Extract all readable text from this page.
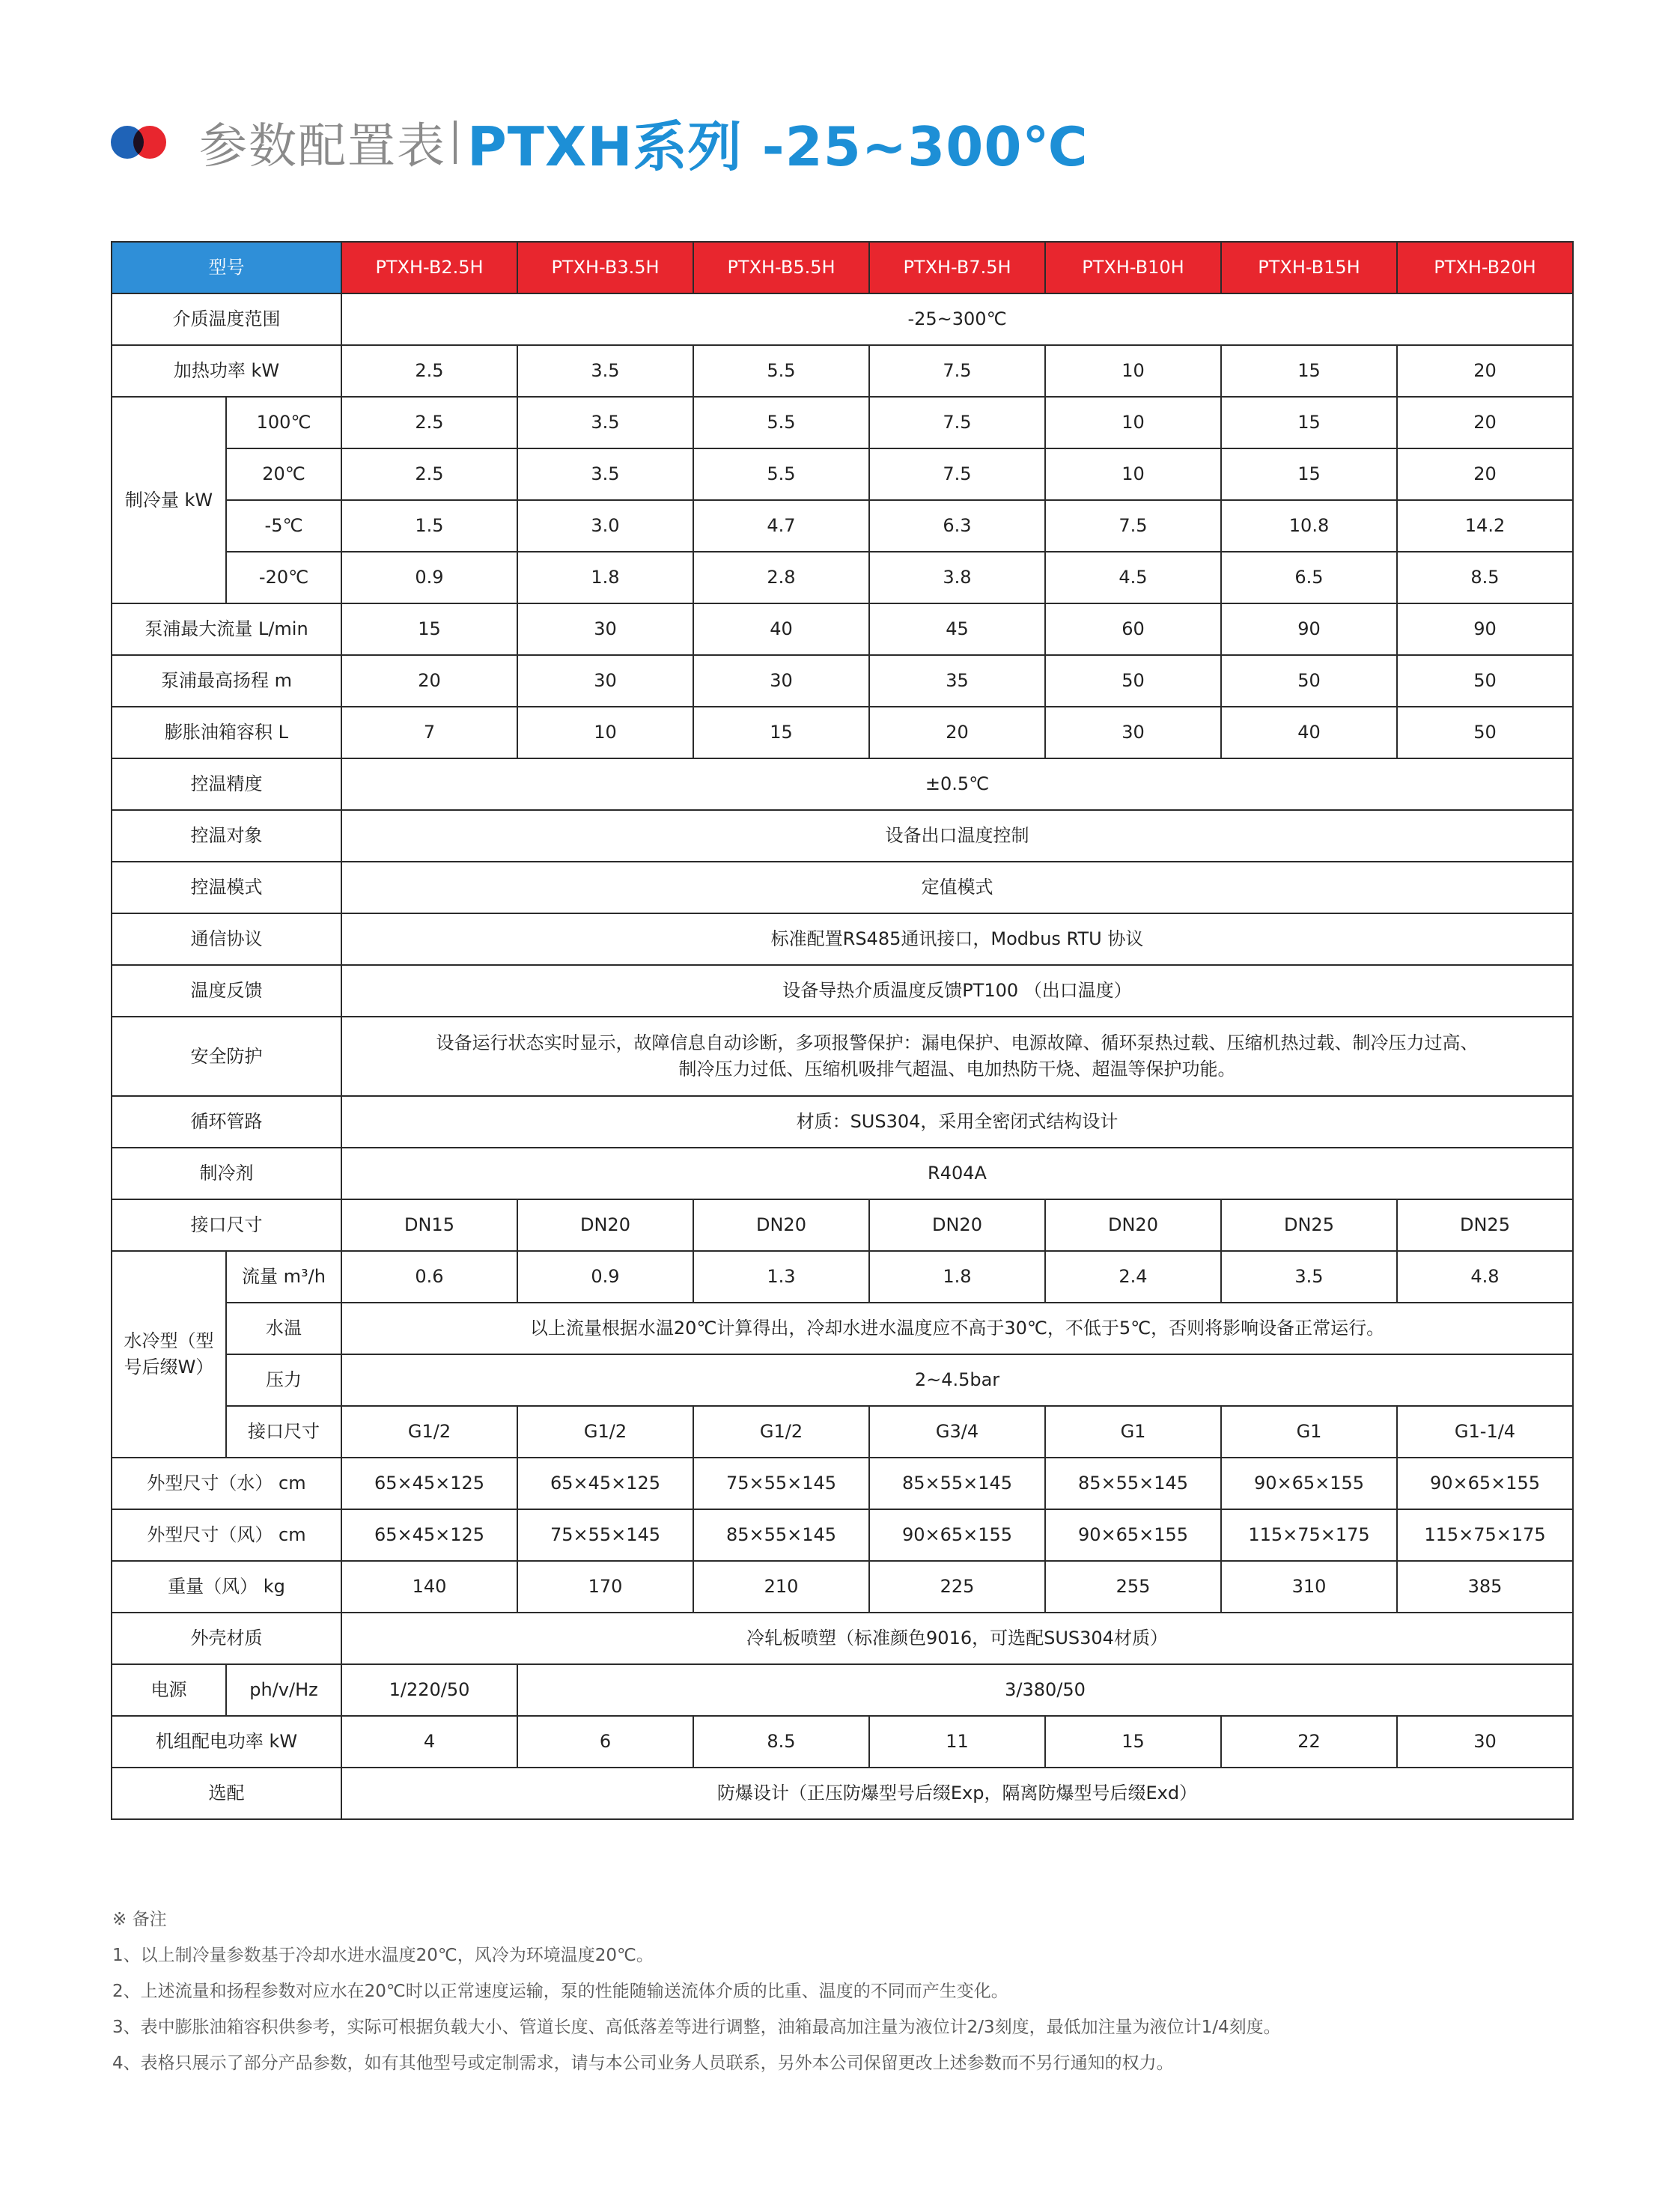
参数配置表 PTXH系列 -25~300℃
型号		PTXH-B2.5H	PTXH-B3.5H	PTXH-B5.5H	PTXH-B7.5H	PTXH-B10H	PTXH-B15H	PTXH-B20H
介质温度范围		-25~300℃						
加热功率 kW		2.5	3.5	5.5	7.5	10	15	20
制冷量 kW	100℃	2.5	3.5	5.5	7.5	10	15	20
	20℃	2.5	3.5	5.5	7.5	10	15	20
	-5℃	1.5	3.0	4.7	6.3	7.5	10.8	14.2
	-20℃	0.9	1.8	2.8	3.8	4.5	6.5	8.5
泵浦最大流量 L/min		15	30	40	45	60	90	90
泵浦最高扬程 m		20	30	30	35	50	50	50
膨胀油箱容积 L		7	10	15	20	30	40	50
控温精度		±0.5℃						
控温对象		设备出口温度控制						
控温模式		定值模式						
通信协议		标准配置RS485通讯接口，Modbus RTU 协议						
温度反馈		设备导热介质温度反馈PT100 （出口温度）						
安全防护		设备运行状态实时显示，故障信息自动诊断，多项报警保护：漏电保护、电源故障、循环泵热过载、压缩机热过载、制冷压力过高、
制冷压力过低、压缩机吸排气超温、电加热防干烧、超温等保护功能。						

循环管路		材质：SUS304，采用全密闭式结构设计						
制冷剂		R404A						
接口尺寸		DN15	DN20	DN20	DN20	DN20	DN25	DN25
水冷型（型号后缀W）	流量 m³/h	0.6	0.9	1.3	1.8	2.4	3.5	4.8
	水温	以上流量根据水温20℃计算得出，冷却水进水温度应不高于30℃，不低于5℃，否则将影响设备正常运行。						
	压力	2~4.5bar						
	接口尺寸	G1/2	G1/2	G1/2	G3/4	G1	G1	G1-1/4
外型尺寸（水） cm		65×45×125	65×45×125	75×55×145	85×55×145	85×55×145	90×65×155	90×65×155
外型尺寸（风） cm		65×45×125	75×55×145	85×55×145	90×65×155	90×65×155	115×75×175	115×75×175
重量（风） kg		140	170	210	225	255	310	385
外壳材质		冷轧板喷塑（标准颜色9016，可选配SUS304材质）						
电源	ph/v/Hz	1/220/50	3/380/50					
机组配电功率 kW		4	6	8.5	11	15	22	30
选配		防爆设计（正压防爆型号后缀Exp，隔离防爆型号后缀Exd）						
※ 备注
1、以上制冷量参数基于冷却水进水温度20℃，风冷为环境温度20℃。
2、上述流量和扬程参数对应水在20℃时以正常速度运输，泵的性能随输送流体介质的比重、温度的不同而产生变化。
3、表中膨胀油箱容积供参考，实际可根据负载大小、管道长度、高低落差等进行调整，油箱最高加注量为液位计2/3刻度，最低加注量为液位计1/4刻度。
4、表格只展示了部分产品参数，如有其他型号或定制需求，请与本公司业务人员联系，另外本公司保留更改上述参数而不另行通知的权力。
